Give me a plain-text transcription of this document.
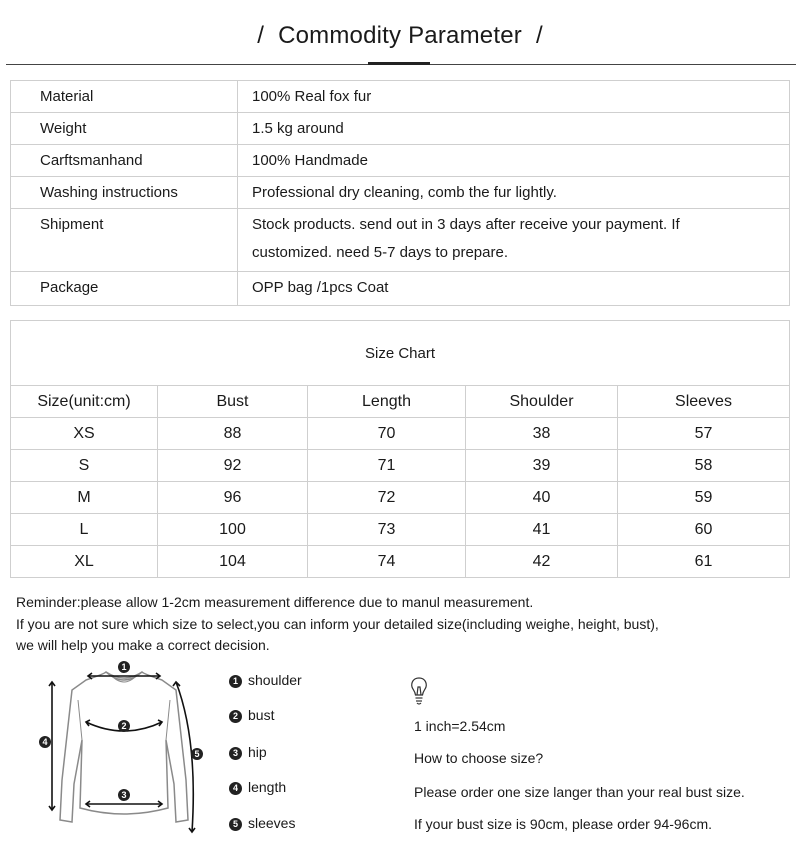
/ Commodity Parameter /
Material	100% Real fox fur
Weight	1.5 kg around
Carftsmanhand	100% Handmade
Washing instructions	Professional dry cleaning, comb the fur lightly.
Shipment	Stock products. send out in 3 days after receive your payment. If
customized. need 5-7 days to prepare.

Package	OPP bag /1pcs Coat
Size Chart				
Size(unit:cm)	Bust	Length	Shoulder	Sleeves
XS	88	70	38	57
S	92	71	39	58
M	96	72	40	59
L	100	73	41	60
XL	104	74	42	61
Reminder:please allow 1-2cm measurement difference due to manul measurement.
If you are not sure which size to select,you can inform your detailed size(including weighe, height, bust),
we will help you make a correct decision.
1
2
3
4
5
1 shoulder
2 bust
3 hip
4 length
5 sleeves
1 inch=2.54cm
How to choose size?
Please order one size langer than your real bust size.
If your bust size is 90cm, please order 94-96cm.
